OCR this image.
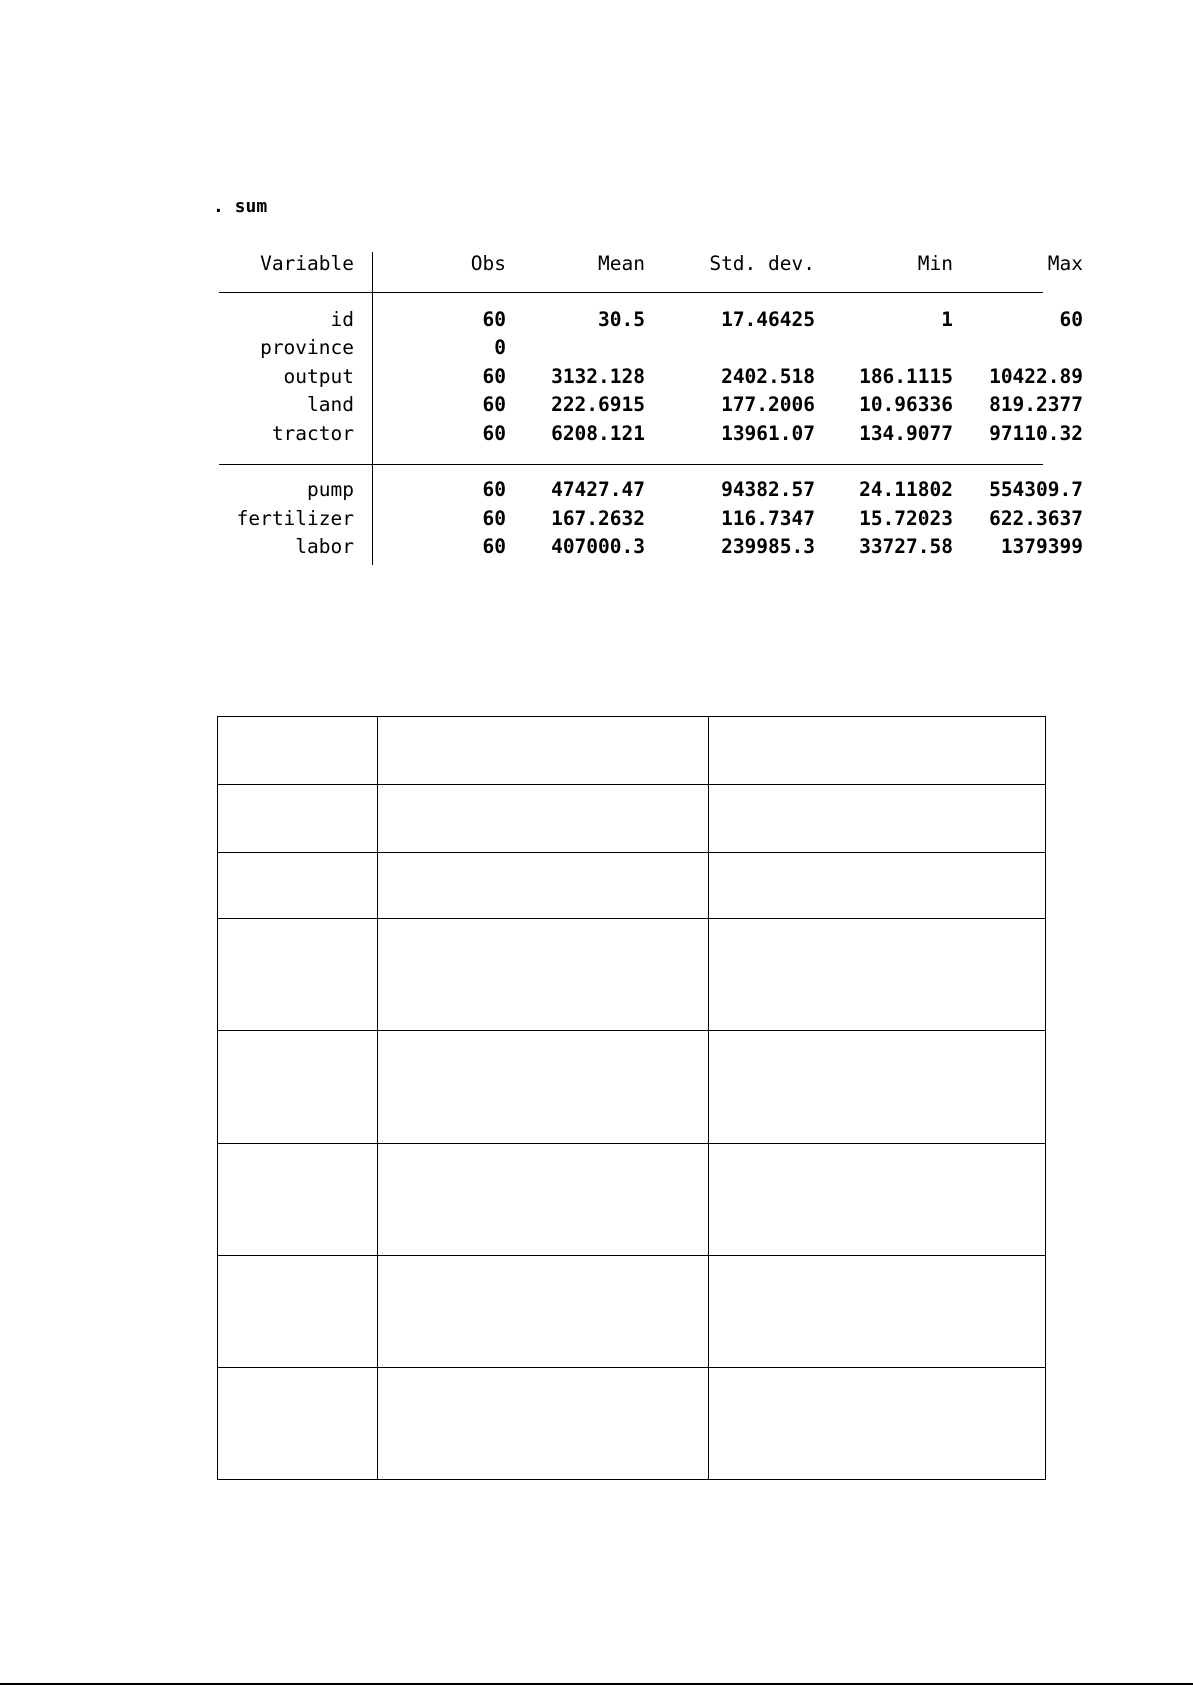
. sum
Variable	Obs	Mean	Std. dev.	Min	Max
id	60	30.5	17.46425	1	60
province	0
output	60	3132.128	2402.518	186.1115	10422.89
land	60	222.6915	177.2006	10.96336	819.2377
tractor	60	6208.121	13961.07	134.9077	97110.32
pump	60	47427.47	94382.57	24.11802	554309.7
fertilizer	60	167.2632	116.7347	15.72023	622.3637
labor	60	407000.3	239985.3	33727.58	1379399
